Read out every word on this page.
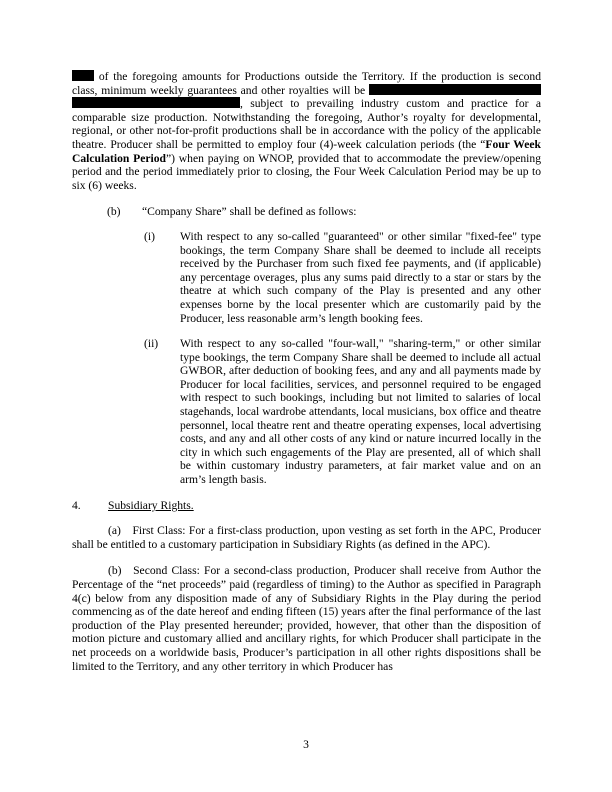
of the foregoing amounts for Productions outside the Territory. If the production is second class, minimum weekly guarantees and other royalties will be  , subject to prevailing industry custom and practice for a comparable size production. Notwithstanding the foregoing, Author’s royalty for developmental, regional, or other not-for-profit productions shall be in accordance with the policy of the applicable theatre. Producer shall be permitted to employ four (4)-week calculation periods (the “Four Week Calculation Period”) when paying on WNOP, provided that to accommodate the preview/opening period and the period immediately prior to closing, the Four Week Calculation Period may be up to six (6) weeks.

(b)	“Company Share” shall be defined as follows:
(i)	With respect to any so-called "guaranteed" or other similar "fixed-fee" type bookings, the term Company Share shall be deemed to include all receipts received by the Purchaser from such fixed fee payments, and (if applicable) any percentage overages, plus any sums paid directly to a star or stars by the theatre at which such company of the Play is presented and any other expenses borne by the local presenter which are customarily paid by the Producer, less reasonable arm’s length booking fees.
(ii)	With respect to any so-called "four-wall," "sharing-term," or other similar type bookings, the term Company Share shall be deemed to include all actual GWBOR, after deduction of booking fees, and any and all payments made by Producer for local facilities, services, and personnel required to be engaged with respect to such bookings, including but not limited to salaries of local stagehands, local wardrobe attendants, local musicians, box office and theatre personnel, local theatre rent and theatre operating expenses, local advertising costs, and any and all other costs of any kind or nature incurred locally in the city in which such engagements of the Play are presented, all of which shall be within customary industry parameters, at fair market value and on an arm’s length basis.
4.	Subsidiary Rights.

(a) First Class: For a first-class production, upon vesting as set forth in the APC, Producer shall be entitled to a customary participation in Subsidiary Rights (as defined in the APC).

(b) Second Class: For a second-class production, Producer shall receive from Author the Percentage of the “net proceeds” paid (regardless of timing) to the Author as specified in Paragraph 4(c) below from any disposition made of any of Subsidiary Rights in the Play during the period commencing as of the date hereof and ending fifteen (15) years after the final performance of the last production of the Play presented hereunder; provided, however, that other than the disposition of motion picture and customary allied and ancillary rights, for which Producer shall participate in the net proceeds on a worldwide basis, Producer’s participation in all other rights dispositions shall be limited to the Territory, and any other territory in which Producer has

3
